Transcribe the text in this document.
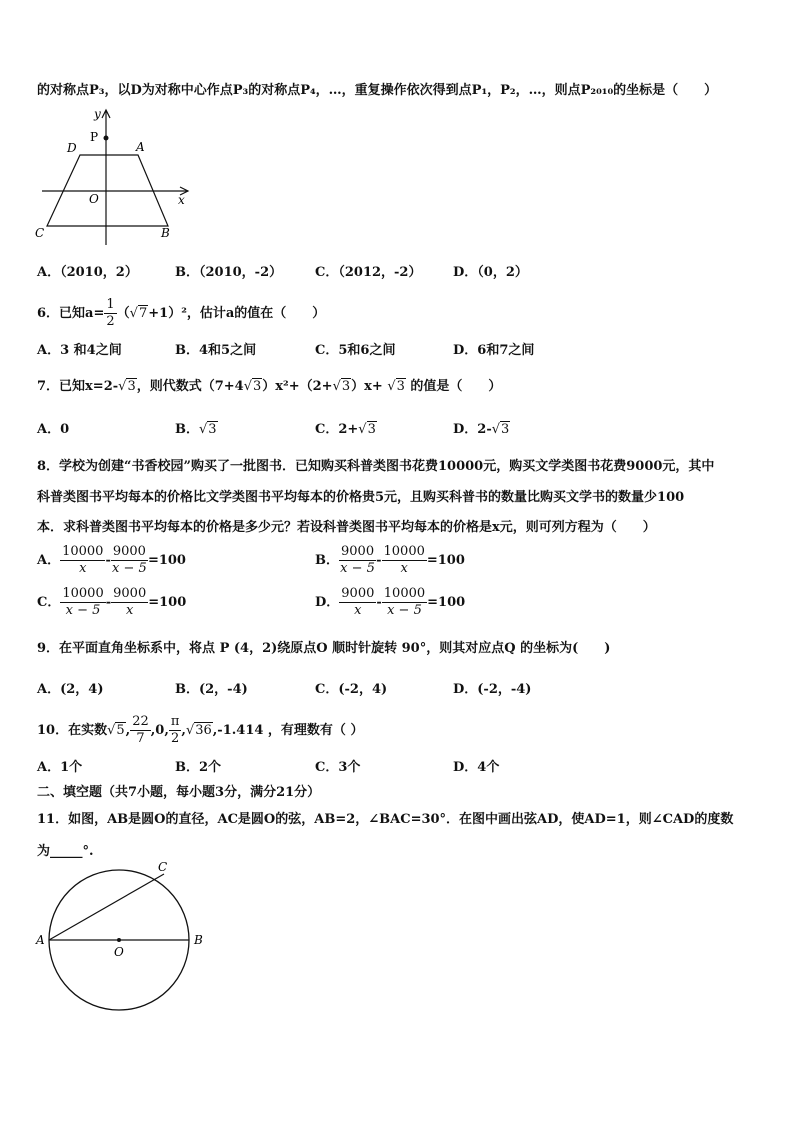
的对称点P₃，以D为对称中心作点P₃的对称点P₄，…，重复操作依次得到点P₁，P₂，…，则点P₂₀₁₀的坐标是（　　）
y
P
D	A
O	x
C	B
A．（2010，2）	B．（2010，-2）	C．（2012，-2） D．（0，2）
6．已知$a= \frac{1}{2} (√7+1)^2$，估计a的值在（　　）
A．3 和4之间	B．4和5之间	C．5和6之间	D．6和7之间
7．已知x=2-√3，则代数式（7+4√3）x²+（2+√3）x+ √3 的值是（　　）
A．0	B．√3	C．2+√3	D．2-√3
8．学校为创建“书香校园”购买了一批图书．已知购买科普类图书花费10000元，购买文学类图书花费9000元，其中
科普类图书平均每本的价格比文学类图书平均每本的价格贵5元，且购买科普书的数量比购买文学书的数量少100
本．求科普类图书平均每本的价格是多少元？若设科普类图书平均每本的价格是x元，则可列方程为（　　）
A． $\frac{10000}{x} - \frac{9000}{x - 5} =100$	B． $\frac{9000}{x - 5} - \frac{10000}{x} =100$
C． $\frac{10000}{x - 5} - \frac{9000}{x} =100$	D． $\frac{9000}{x} - \frac{10000}{x - 5} =100$
9．在平面直角坐标系中，将点 P (4，2)绕原点O 顺时针旋转 90°，则其对应点Q 的坐标为(　　)
A．(2，4)	B．(2，-4)	C．(-2，4)	D．(-2，-4)
10．在实数√5, $\frac{22}{7} ,0$, $\frac{\pi}{2} ,√36,-1.414$ ，有理数有（ ）
A．1个	B．2个	C．3个	D．4个
二、填空题（共7小题，每小题3分，满分21分）
11．如图，AB是圆O的直径，AC是圆O的弦，AB=2，∠BAC=30°．在图中画出弦AD，使AD=1，则∠CAD的度数
为_____°.
C
A	B
O
